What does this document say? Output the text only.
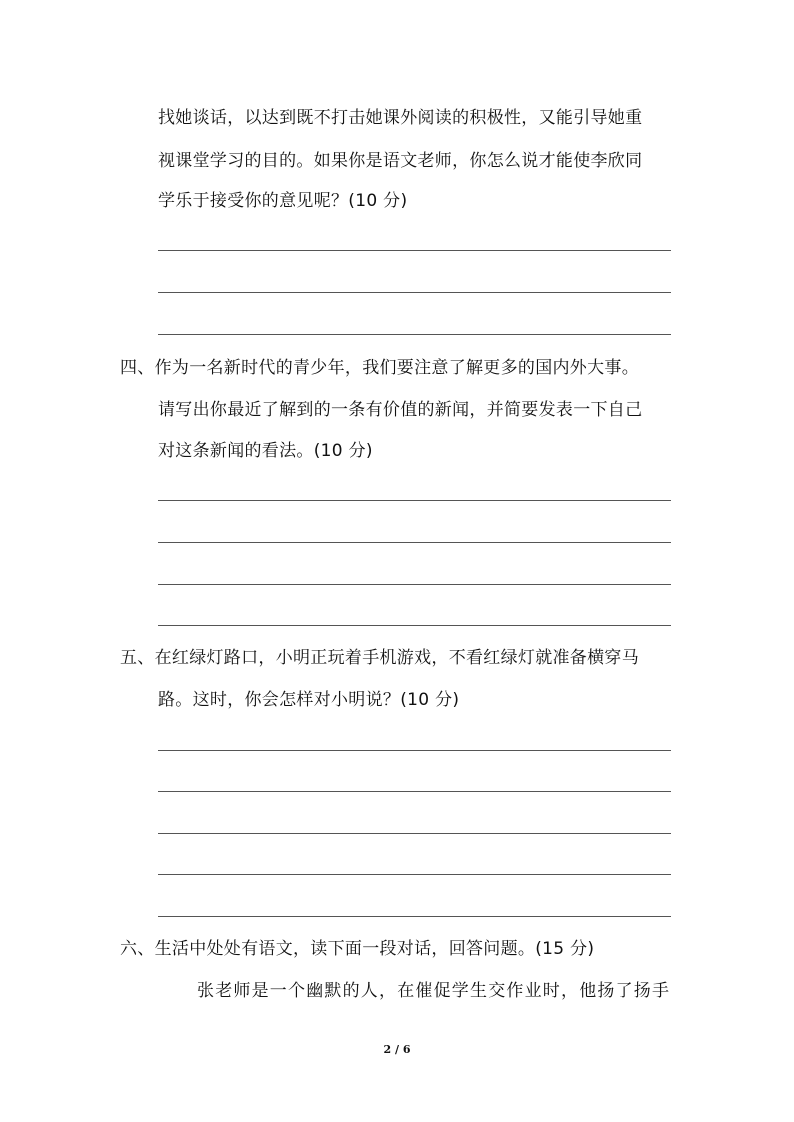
找她谈话，以达到既不打击她课外阅读的积极性，又能引导她重
视课堂学习的目的。如果你是语文老师，你怎么说才能使李欣同
学乐于接受你的意见呢？(10 分)
四、作为一名新时代的青少年，我们要注意了解更多的国内外大事。
请写出你最近了解到的一条有价值的新闻，并简要发表一下自己
对这条新闻的看法。(10 分)
五、在红绿灯路口，小明正玩着手机游戏，不看红绿灯就准备横穿马
路。这时，你会怎样对小明说？(10 分)
六、生活中处处有语文，读下面一段对话，回答问题。(15 分)
张老师是一个幽默的人，在催促学生交作业时，他扬了扬手
2 / 6
